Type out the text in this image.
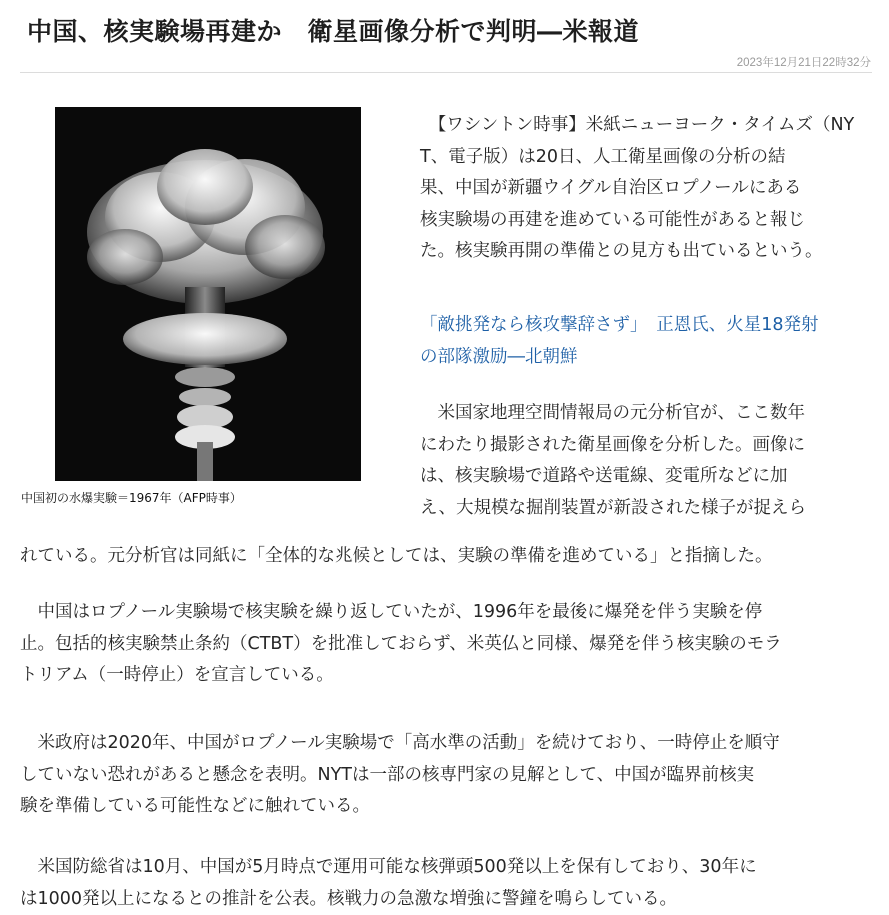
中国、核実験場再建か　衛星画像分析で判明―米報道
2023年12月21日22時32分
中国初の水爆実験＝1967年（AFP時事）
　【ワシントン時事】米紙ニューヨーク・タイムズ（NY
T、電子版）は20日、人工衛星画像の分析の結
果、中国が新疆ウイグル自治区ロプノールにある
核実験場の再建を進めている可能性があると報じ
た。核実験再開の準備との見方も出ているという。
「敵挑発なら核攻撃辞さず」　正恩氏、火星18発射
の部隊激励―北朝鮮
　米国家地理空間情報局の元分析官が、ここ数年
にわたり撮影された衛星画像を分析した。画像に
は、核実験場で道路や送電線、変電所などに加
え、大規模な掘削装置が新設された様子が捉えら
れている。元分析官は同紙に「全体的な兆候としては、実験の準備を進めている」と指摘した。
　中国はロプノール実験場で核実験を繰り返していたが、1996年を最後に爆発を伴う実験を停
止。包括的核実験禁止条約（CTBT）を批准しておらず、米英仏と同様、爆発を伴う核実験のモラ
トリアム（一時停止）を宣言している。
　米政府は2020年、中国がロプノール実験場で「高水準の活動」を続けており、一時停止を順守
していない恐れがあると懸念を表明。NYTは一部の核専門家の見解として、中国が臨界前核実
験を準備している可能性などに触れている。
　米国防総省は10月、中国が5月時点で運用可能な核弾頭500発以上を保有しており、30年に
は1000発以上になるとの推計を公表。核戦力の急激な増強に警鐘を鳴らしている。
